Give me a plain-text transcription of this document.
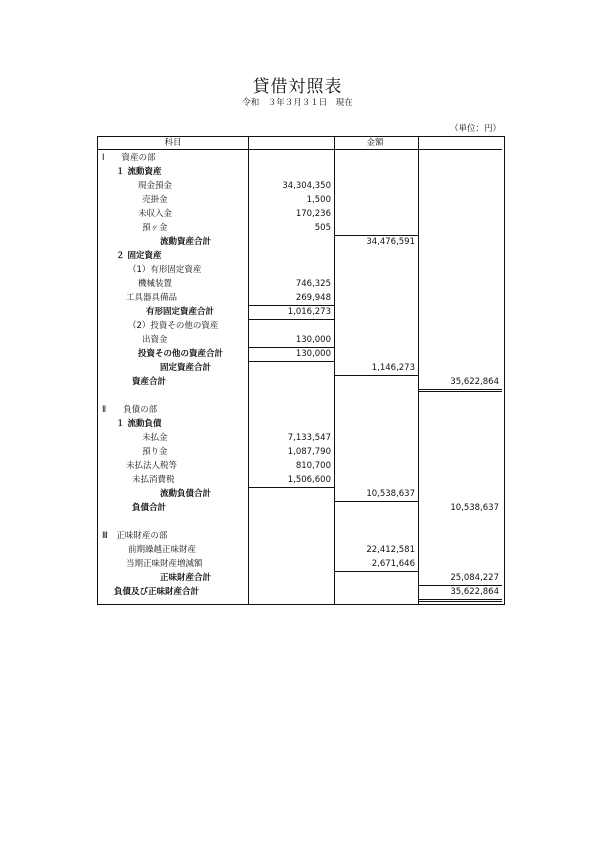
貸借対照表
令和　３年３月３１日　現在
（単位：円）
科目	金額
Ⅰ　　資産の部
１ 流動資産
現金預金	34,304,350
売掛金	1,500
未収入金	170,236
預ヶ金	505
流動資産合計	34,476,591
２ 固定資産
（1）有形固定資産
機械装置	746,325
工具器具備品	269,948
有形固定資産合計	1,016,273
（2）投資その他の資産
出資金	130,000
投資その他の資産合計	130,000
固定資産合計	1,146,273
資産合計	35,622,864
Ⅱ　　負債の部
１ 流動負債
未払金	7,133,547
預り金	1,087,790
未払法人税等	810,700
未払消費税	1,506,600
流動負債合計	10,538,637
負債合計	10,538,637
Ⅲ　正味財産の部
前期繰越正味財産	22,412,581
当期正味財産増減額	2,671,646
正味財産合計	25,084,227
負債及び正味財産合計	35,622,864
